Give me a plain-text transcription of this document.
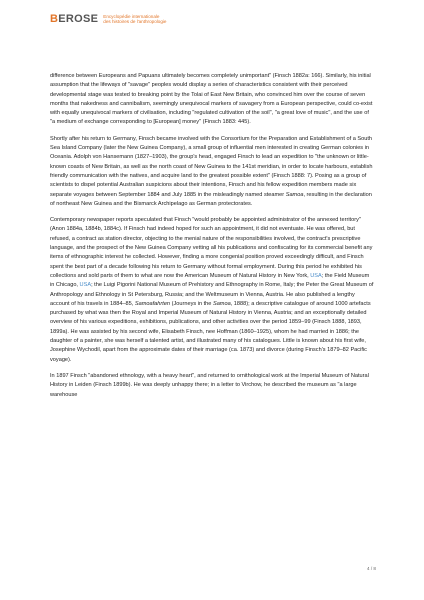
BEROSE Encyclopédie internationale
des histoires de l'anthropologie

difference between Europeans and Papuans ultimately becomes completely unimportant" (Finsch 1882a: 166). Similarly, his initial assumption that the lifeways of "savage" peoples would display a series of characteristics consistent with their perceived developmental stage was tested to breaking point by the Tolai of East New Britain, who convinced him over the course of seven months that nakedness and cannibalism, seemingly unequivocal markers of savagery from a European perspective, could co-exist with equally unequivocal markers of civilisation, including "regulated cultivation of the soil", "a great love of music", and the use of "a medium of exchange corresponding to [European] money" (Finsch 1883: 445).

Shortly after his return to Germany, Finsch became involved with the Consortium for the Preparation and Establishment of a South Sea Island Company (later the New Guinea Company), a small group of influential men interested in creating German colonies in Oceania. Adolph von Hansemann (1827–1903), the group's head, engaged Finsch to lead an expedition to "the unknown or little-known coasts of New Britain, as well as the north coast of New Guinea to the 141st meridian, in order to locate harbours, establish friendly communication with the natives, and acquire land to the greatest possible extent" (Finsch 1888: 7). Posing as a group of scientists to dispel potential Australian suspicions about their intentions, Finsch and his fellow expedition members made six separate voyages between September 1884 and July 1885 in the misleadingly named steamer Samoa, resulting in the declaration of northeast New Guinea and the Bismarck Archipelago as German protectorates.

Contemporary newspaper reports speculated that Finsch "would probably be appointed administrator of the annexed territory" (Anon 1884a, 1884b, 1884c). If Finsch had indeed hoped for such an appointment, it did not eventuate. He was offered, but refused, a contract as station director, objecting to the menial nature of the responsibilities involved, the contract's prescriptive language, and the prospect of the New Guinea Company vetting all his publications and confiscating for its commercial benefit any items of ethnographic interest he collected. However, finding a more congenial position proved exceedingly difficult, and Finsch spent the best part of a decade following his return to Germany without formal employment. During this period he exhibited his collections and sold parts of them to what are now the American Museum of Natural History in New York, USA; the Field Museum in Chicago, USA; the Luigi Pigorini National Museum of Prehistory and Ethnography in Rome, Italy; the Peter the Great Museum of Anthropology and Ethnology in St Petersburg, Russia; and the Weltmuseum in Vienna, Austria. He also published a lengthy account of his travels in 1884–85, Samoafahrten (Journeys in the Samoa, 1888); a descriptive catalogue of around 1000 artefacts purchased by what was then the Royal and Imperial Museum of Natural History in Vienna, Austria; and an exceptionally detailed overview of his various expeditions, exhibitions, publications, and other activities over the period 1859–99 (Finsch 1888, 1893, 1899a). He was assisted by his second wife, Elisabeth Finsch, nee Hoffman (1860–1925), whom he had married in 1886; the daughter of a painter, she was herself a talented artist, and illustrated many of his catalogues. Little is known about his first wife, Josephine Wychodil, apart from the approximate dates of their marriage (ca. 1873) and divorce (during Finsch's 1879–82 Pacific voyage).

In 1897 Finsch "abandoned ethnology, with a heavy heart", and returned to ornithological work at the Imperial Museum of Natural History in Leiden (Finsch 1899b). He was deeply unhappy there; in a letter to Virchow, he described the museum as "a large warehouse

4 / 8
